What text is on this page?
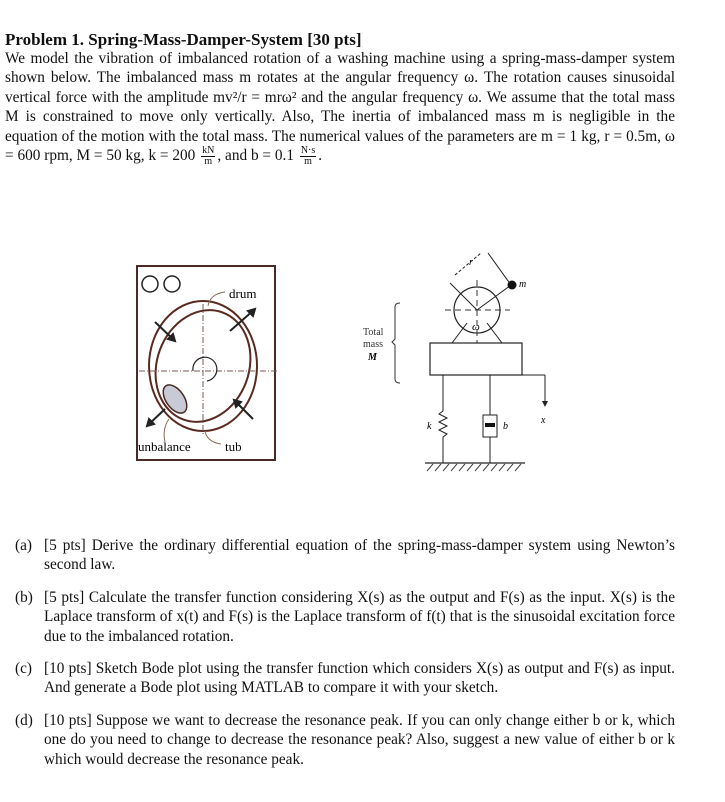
Problem 1. Spring-Mass-Damper-System [30 pts]
We model the vibration of imbalanced rotation of a washing machine using a spring-mass-damper system shown below. The imbalanced mass m rotates at the angular frequency ω. The rotation causes sinusoidal vertical force with the amplitude mv²/r = mrω² and the angular frequency ω. We assume that the total mass M is constrained to move only vertically. Also, The inertia of imbalanced mass m is negligible in the equation of the motion with the total mass. The numerical values of the parameters are m = 1 kg, r = 0.5m, ω = 600 rpm, M = 50 kg, $k = 200 \frac{kN}{m}$ , and $b = 0.1 \frac{N\cdot s}{m}$ .
drum
unbalance	tub
Total
mass
M
m
r
ω
x
k	b
(a) [5 pts] Derive the ordinary differential equation of the spring-mass-damper system using Newton’s second law.
(b) [5 pts] Calculate the transfer function considering X(s) as the output and F(s) as the input. X(s) is the Laplace transform of x(t) and F(s) is the Laplace transform of f(t) that is the sinusoidal excitation force due to the imbalanced rotation.
(c) [10 pts] Sketch Bode plot using the transfer function which considers X(s) as output and F(s) as input. And generate a Bode plot using MATLAB to compare it with your sketch.
(d) [10 pts] Suppose we want to decrease the resonance peak. If you can only change either b or k, which one do you need to change to decrease the resonance peak? Also, suggest a new value of either b or k which would decrease the resonance peak.
